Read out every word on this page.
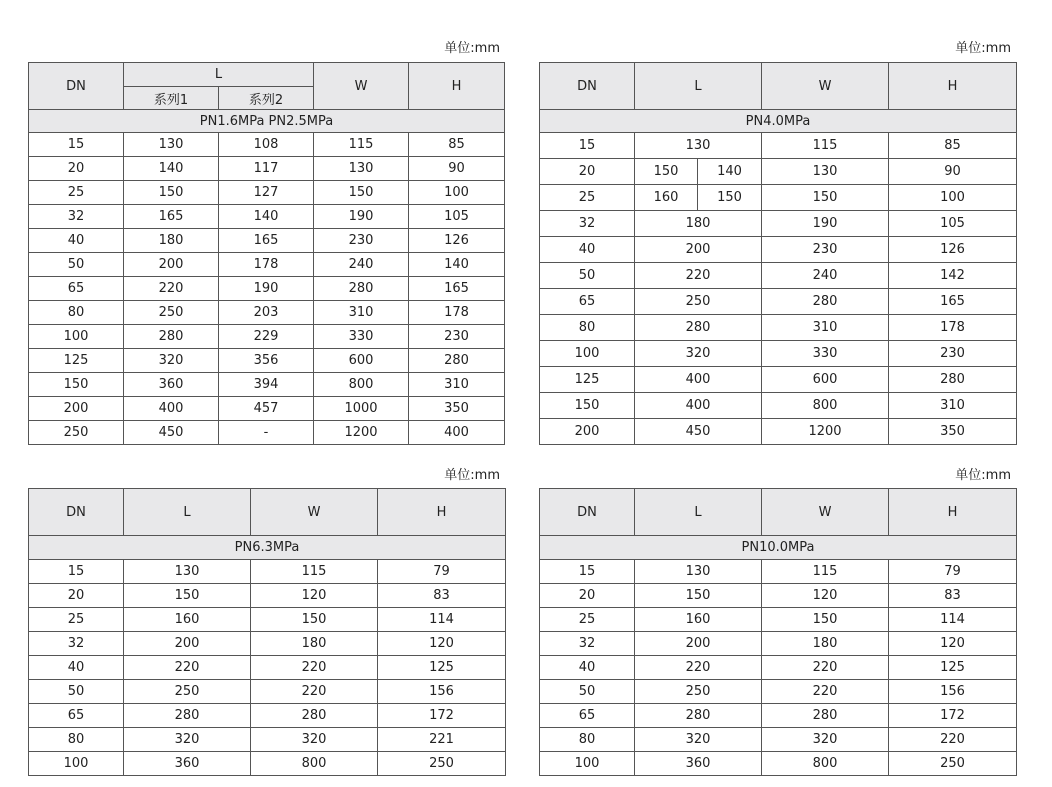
单位:mm	单位:mm
单位:mm	单位:mm
DN	L		W	H
	系列1	系列2		
PN1.6MPa PN2.5MPa				
15	130	108	115	85
20	140	117	130	90
25	150	127	150	100
32	165	140	190	105
40	180	165	230	126
50	200	178	240	140
65	220	190	280	165
80	250	203	310	178
100	280	229	330	230
125	320	356	600	280
150	360	394	800	310
200	400	457	1000	350
250	450	-	1200	400
DN	L		W	H
PN4.0MPa				
15	130		115	85
20	150	140	130	90
25	160	150	150	100
32	180		190	105
40	200		230	126
50	220		240	142
65	250		280	165
80	280		310	178
100	320		330	230
125	400		600	280
150	400		800	310
200	450		1200	350
DN	L	W	H
PN6.3MPa			
15	130	115	79
20	150	120	83
25	160	150	114
32	200	180	120
40	220	220	125
50	250	220	156
65	280	280	172
80	320	320	221
100	360	800	250
DN	L	W	H
PN10.0MPa			
15	130	115	79
20	150	120	83
25	160	150	114
32	200	180	120
40	220	220	125
50	250	220	156
65	280	280	172
80	320	320	220
100	360	800	250
